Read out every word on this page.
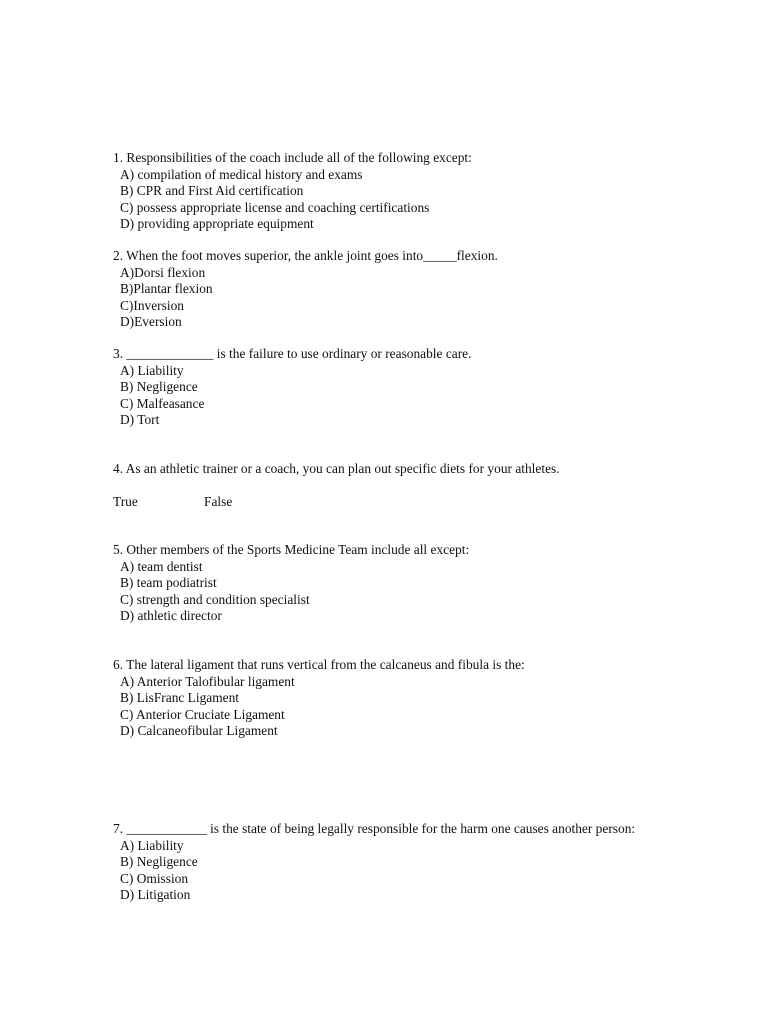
1. Responsibilities of the coach include all of the following except:
A) compilation of medical history and exams
B) CPR and First Aid certification
C) possess appropriate license and coaching certifications
D) providing appropriate equipment
2. When the foot moves superior, the ankle joint goes into_____flexion.
A)Dorsi flexion
B)Plantar flexion
C)Inversion
D)Eversion
3. _____________ is the failure to use ordinary or reasonable care.
A) Liability
B) Negligence
C) Malfeasance
D) Tort
4. As an athletic trainer or a coach, you can plan out specific diets for your athletes.
True	False
5. Other members of the Sports Medicine Team include all except:
A) team dentist
B) team podiatrist
C) strength and condition specialist
D) athletic director
6. The lateral ligament that runs vertical from the calcaneus and fibula is the:
A) Anterior Talofibular ligament
B) LisFranc Ligament
C) Anterior Cruciate Ligament
D) Calcaneofibular Ligament
7. ____________ is the state of being legally responsible for the harm one causes another person:
A) Liability
B) Negligence
C) Omission
D) Litigation
